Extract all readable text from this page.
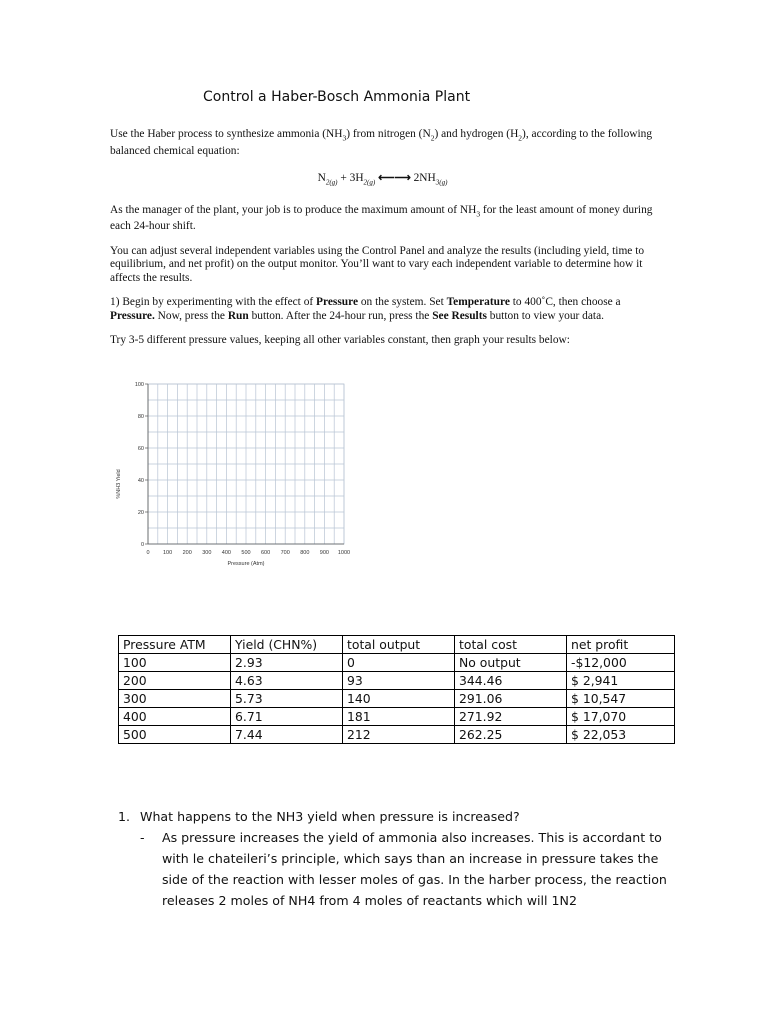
Control a Haber-Bosch Ammonia Plant

Use the Haber process to synthesize ammonia $(NH_3)$ from nitrogen $(N_2)$ and hydrogen $(H_2)$, according to the following balanced chemical equation:

$N_{2(g)} + 3H_{2(g)}$ ⟵⟶ $2NH_{3(g)}$

As the manager of the plant, your job is to produce the maximum amount of $NH_3$ for the least amount of money during each 24-hour shift.

You can adjust several independent variables using the Control Panel and analyze the results (including yield, time to equilibrium, and net profit) on the output monitor. You’ll want to vary each independent variable to determine how it affects the results.

1) Begin by experimenting with the effect of Pressure on the system. Set Temperature to 400˚C, then choose a Pressure. Now, press the Run button. After the 24-hour run, press the See Results button to view your data.

Try 3-5 different pressure values, keeping all other variables constant, then graph your results below:

0 100 200 300 400 500 600 700 800 900 1000
0
20
40
60
80
100
Pressure (Atm)
%NH3 Yield
Pressure ATM	Yield (CHN%)	total output	total cost	net profit
100	2.93	0	No output	-$12,000
200	4.63	93	344.46	$ 2,941
300	5.73	140	291.06	$ 10,547
400	6.71	181	271.92	$ 17,070
500	7.44	212	262.25	$ 22,053
1. What happens to the NH3 yield when pressure is increased?
-	As pressure increases the yield of ammonia also increases. This is accordant to with le chateileri’s principle, which says than an increase in pressure takes the side of the reaction with lesser moles of gas. In the harber process, the reaction releases 2 moles of NH4 from 4 moles of reactants which will 1N2
